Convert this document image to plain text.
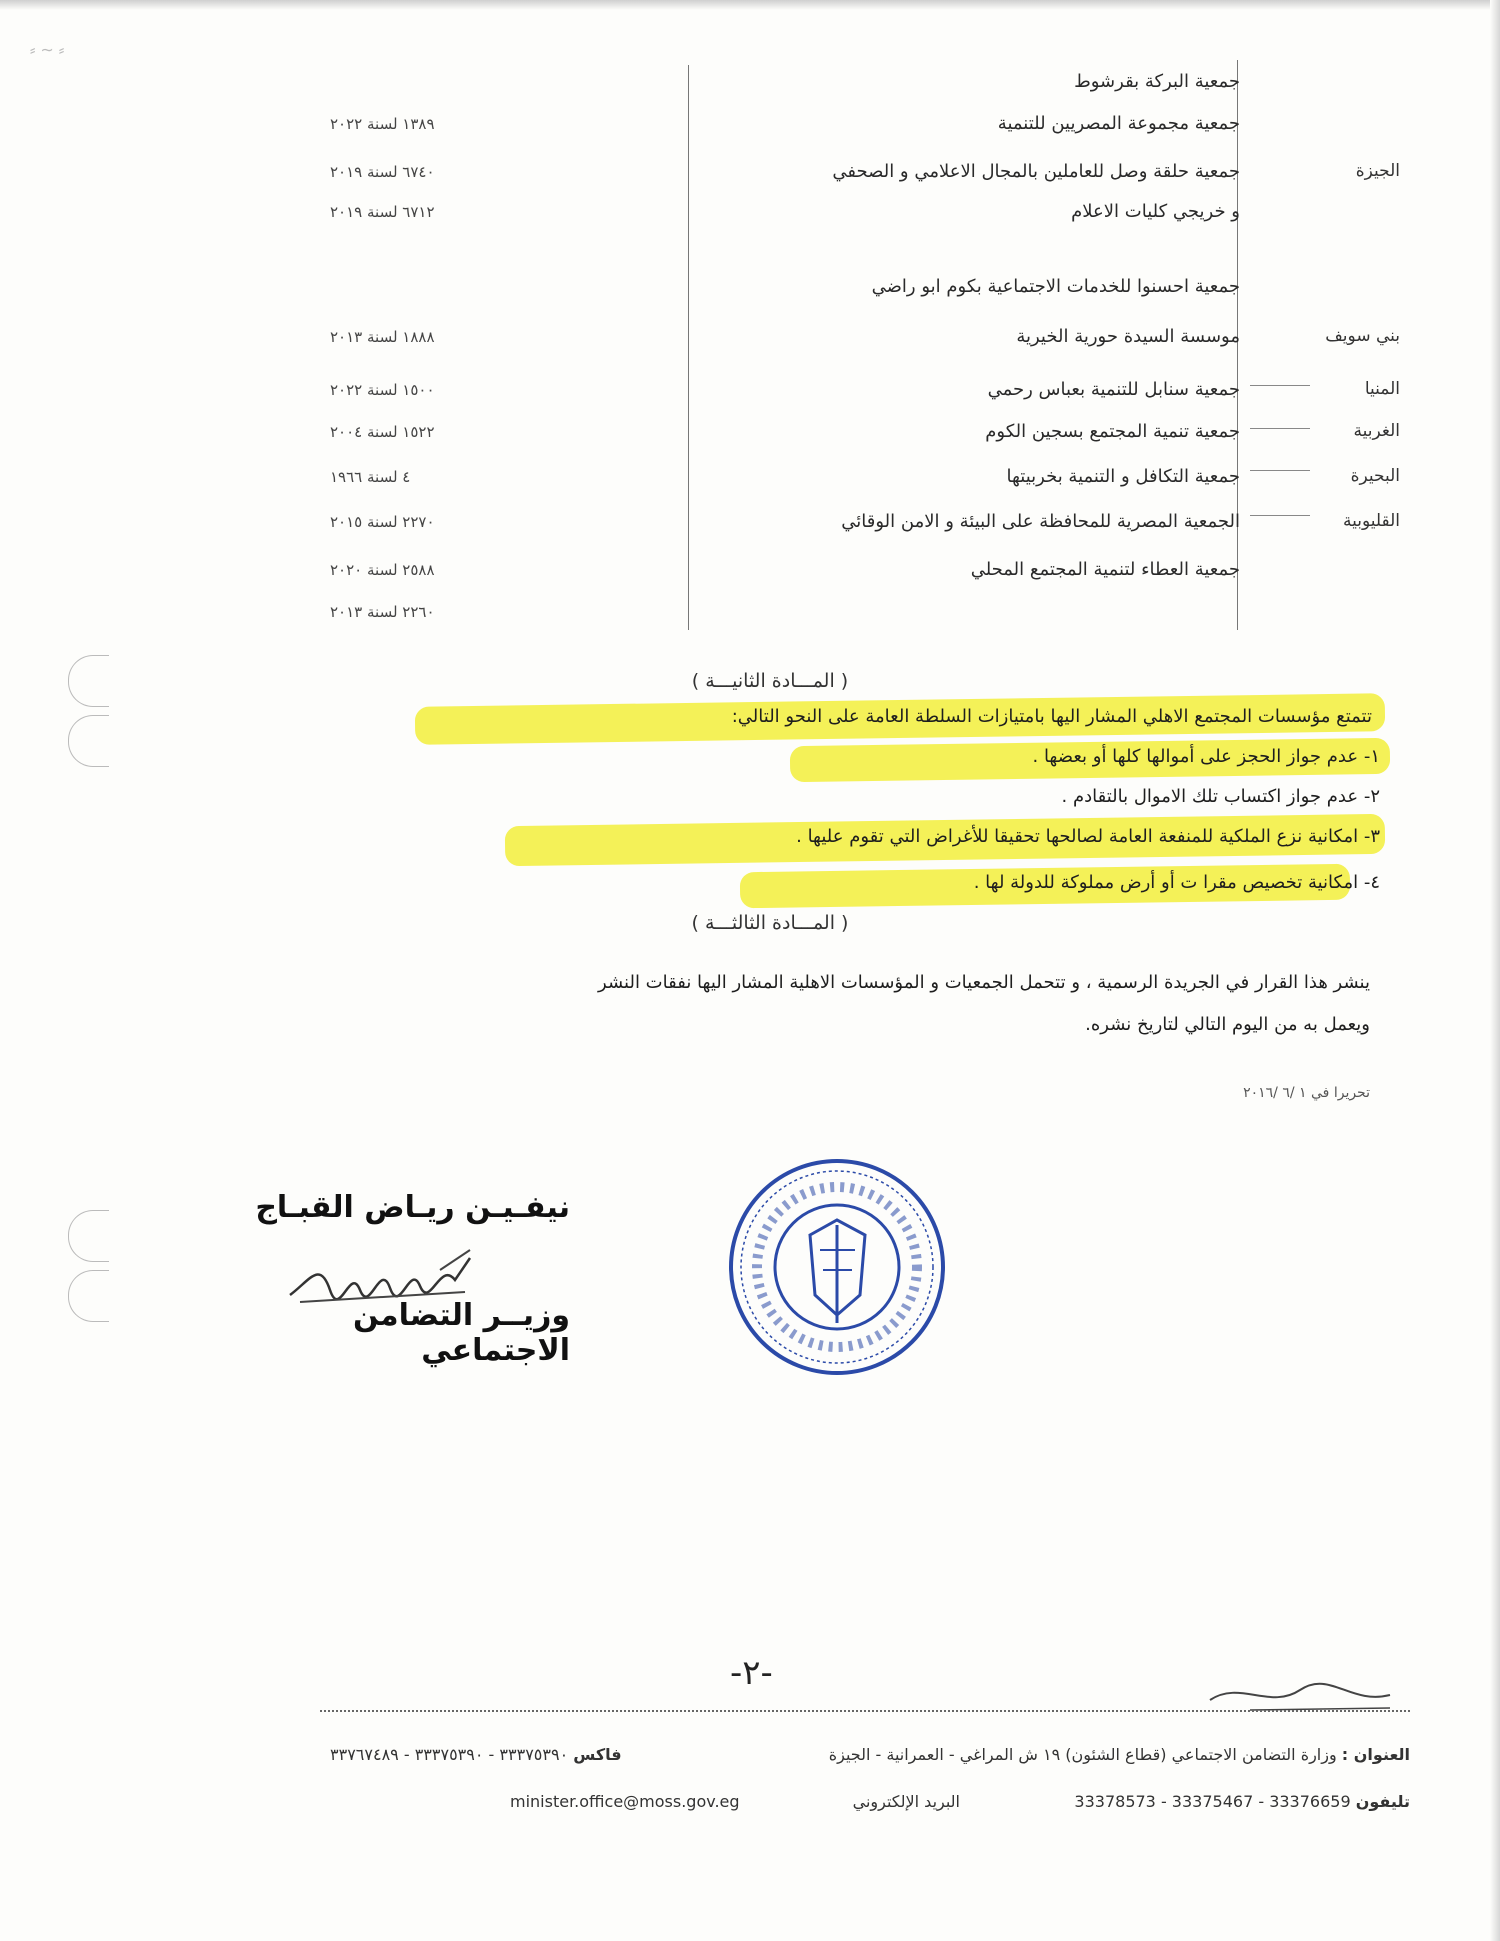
⸗ ∼ ⸗
جمعية البركة بقرشوط
جمعية مجموعة المصريين للتنمية
١٣٨٩ لسنة ٢٠٢٢
الجيزة
جمعية حلقة وصل للعاملين بالمجال الاعلامي و الصحفي
٦٧٤٠ لسنة ٢٠١٩
و خريجي كليات الاعلام
٦٧١٢ لسنة ٢٠١٩
جمعية احسنوا للخدمات الاجتماعية بكوم ابو راضي
بني سويف
موسسة السيدة حورية الخيرية
١٨٨٨ لسنة ٢٠١٣
المنيا
جمعية سنابل للتنمية بعباس رحمي
١٥٠٠ لسنة ٢٠٢٢
الغربية
جمعية تنمية المجتمع بسجين الكوم
١٥٢٢ لسنة ٢٠٠٤
البحيرة
جمعية التكافل و التنمية بخربيتها
٤ لسنة ١٩٦٦
القليوبية
الجمعية المصرية للمحافظة على البيئة و الامن الوقائي
٢٢٧٠ لسنة ٢٠١٥
جمعية العطاء لتنمية المجتمع المحلي
٢٥٨٨ لسنة ٢٠٢٠
٢٢٦٠ لسنة ٢٠١٣
( المـــادة الثانيـــة )
تتمتع مؤسسات المجتمع الاهلي المشار اليها بامتيازات السلطة العامة على النحو التالي:
١- عدم جواز الحجز على أموالها كلها أو بعضها .
٢- عدم جواز اكتساب تلك الاموال بالتقادم .
٣- امكانية نزع الملكية للمنفعة العامة لصالحها تحقيقا للأغراض التي تقوم عليها .
٤- امكانية تخصيص مقرا ت أو أرض مملوكة للدولة لها .
( المـــادة الثالثـــة )
ينشر هذا القرار في الجريدة الرسمية ، و تتحمل الجمعيات و المؤسسات الاهلية المشار اليها نفقات النشر
ويعمل به من اليوم التالي لتاريخ نشره.
تحريرا في ١ /٦ /٢٠١٦
نيفـيـن ريـاض القبـاج
وزيــر التضامن الاجتماعي
-٢-
العنوان : وزارة التضامن الاجتماعي (قطاع الشئون) ١٩ ش المراغي - العمرانية - الجيزة
فاكس ٣٣٣٧٥٣٩٠ - ٣٣٣٧٥٣٩٠ - ٣٣٧٦٧٤٨٩
تليفون 33378573 - 33375467 - 33376659
البريد الإلكتروني
minister.office@moss.gov.eg
